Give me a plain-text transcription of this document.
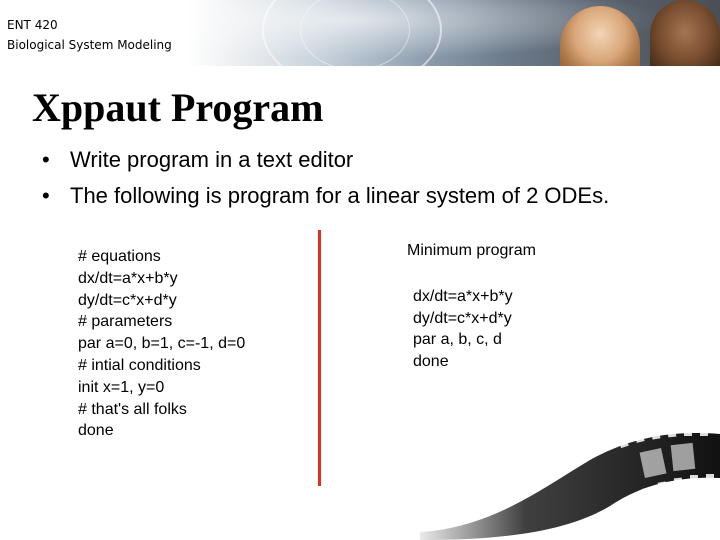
ENT 420
Biological System Modeling
Xppaut Program
• Write program in a text editor
• The following is program for a linear system of 2 ODEs.
# equations
dx/dt=a*x+b*y
dy/dt=c*x+d*y
# parameters
par a=0, b=1, c=-1, d=0
# intial conditions
init x=1, y=0
# that's all folks
done
Minimum program
dx/dt=a*x+b*y
dy/dt=c*x+d*y
par a, b, c, d
done
